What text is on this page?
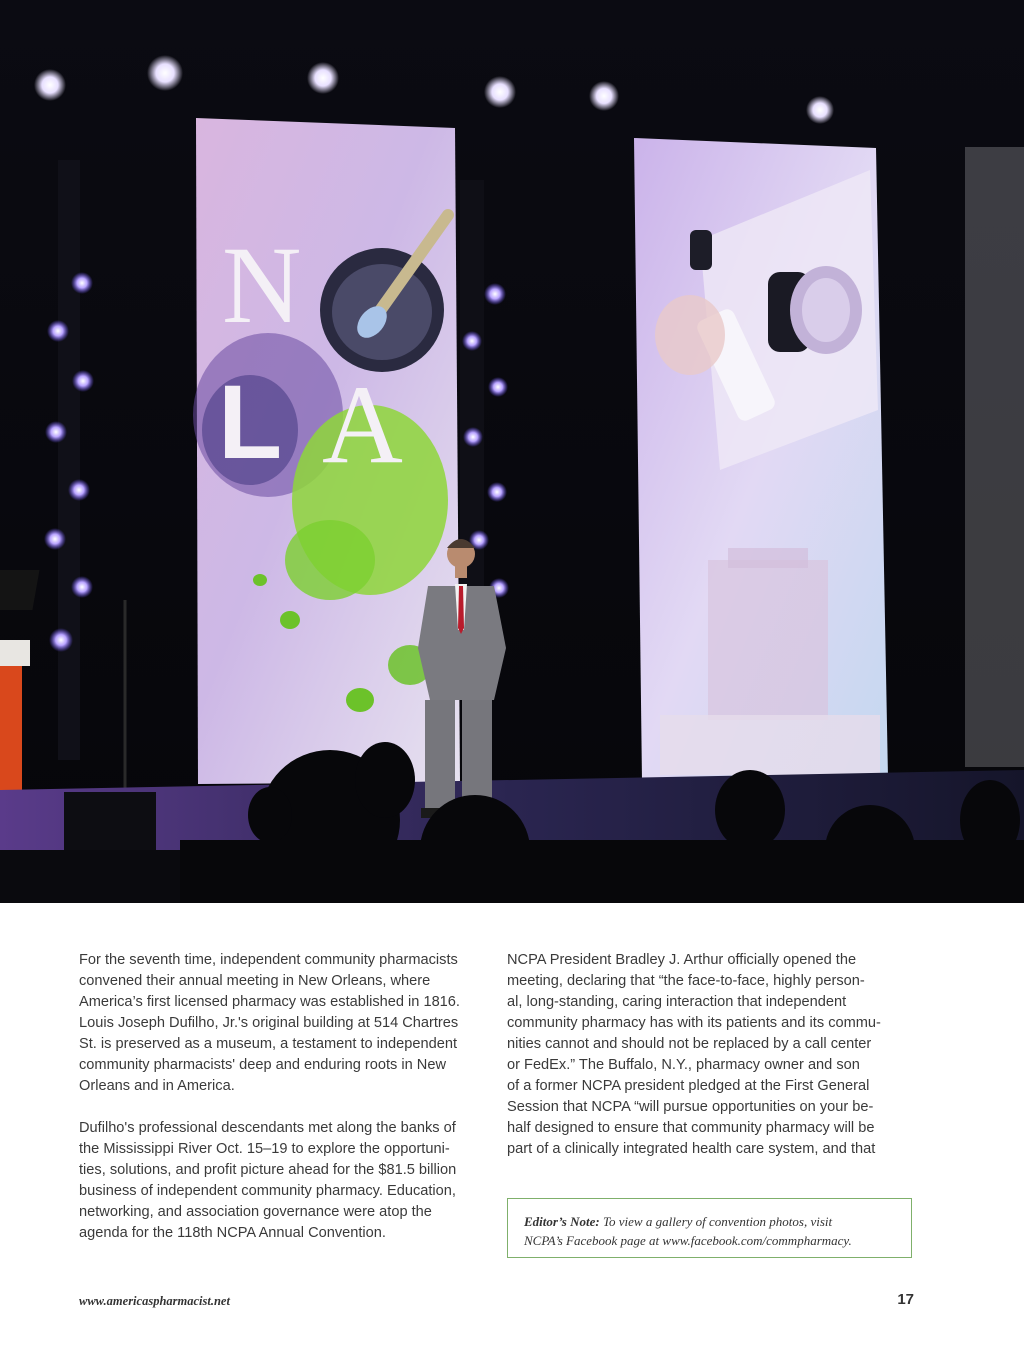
N
L A

For the seventh time, independent community pharmacists
convened their annual meeting in New Orleans, where
America’s first licensed pharmacy was established in 1816.
Louis Joseph Dufilho, Jr.'s original building at 514 Chartres
St. is preserved as a museum, a testament to independent
community pharmacists' deep and enduring roots in New
Orleans and in America.

Dufilho's professional descendants met along the banks of
the Mississippi River Oct. 15–19 to explore the opportuni-
ties, solutions, and profit picture ahead for the $81.5 billion
business of independent community pharmacy. Education,
networking, and association governance were atop the
agenda for the 118th NCPA Annual Convention.

NCPA President Bradley J. Arthur officially opened the
meeting, declaring that “the face-to-face, highly person-
al, long-standing, caring interaction that independent
community pharmacy has with its patients and its commu-
nities cannot and should not be replaced by a call center
or FedEx.” The Buffalo, N.Y., pharmacy owner and son
of a former NCPA president pledged at the First General
Session that NCPA “will pursue opportunities on your be-
half designed to ensure that community pharmacy will be
part of a clinically integrated health care system, and that

Editor’s Note: To view a gallery of convention photos, visit
NCPA’s Facebook page at www.facebook.com/commpharmacy.
www.americaspharmacist.net	17
